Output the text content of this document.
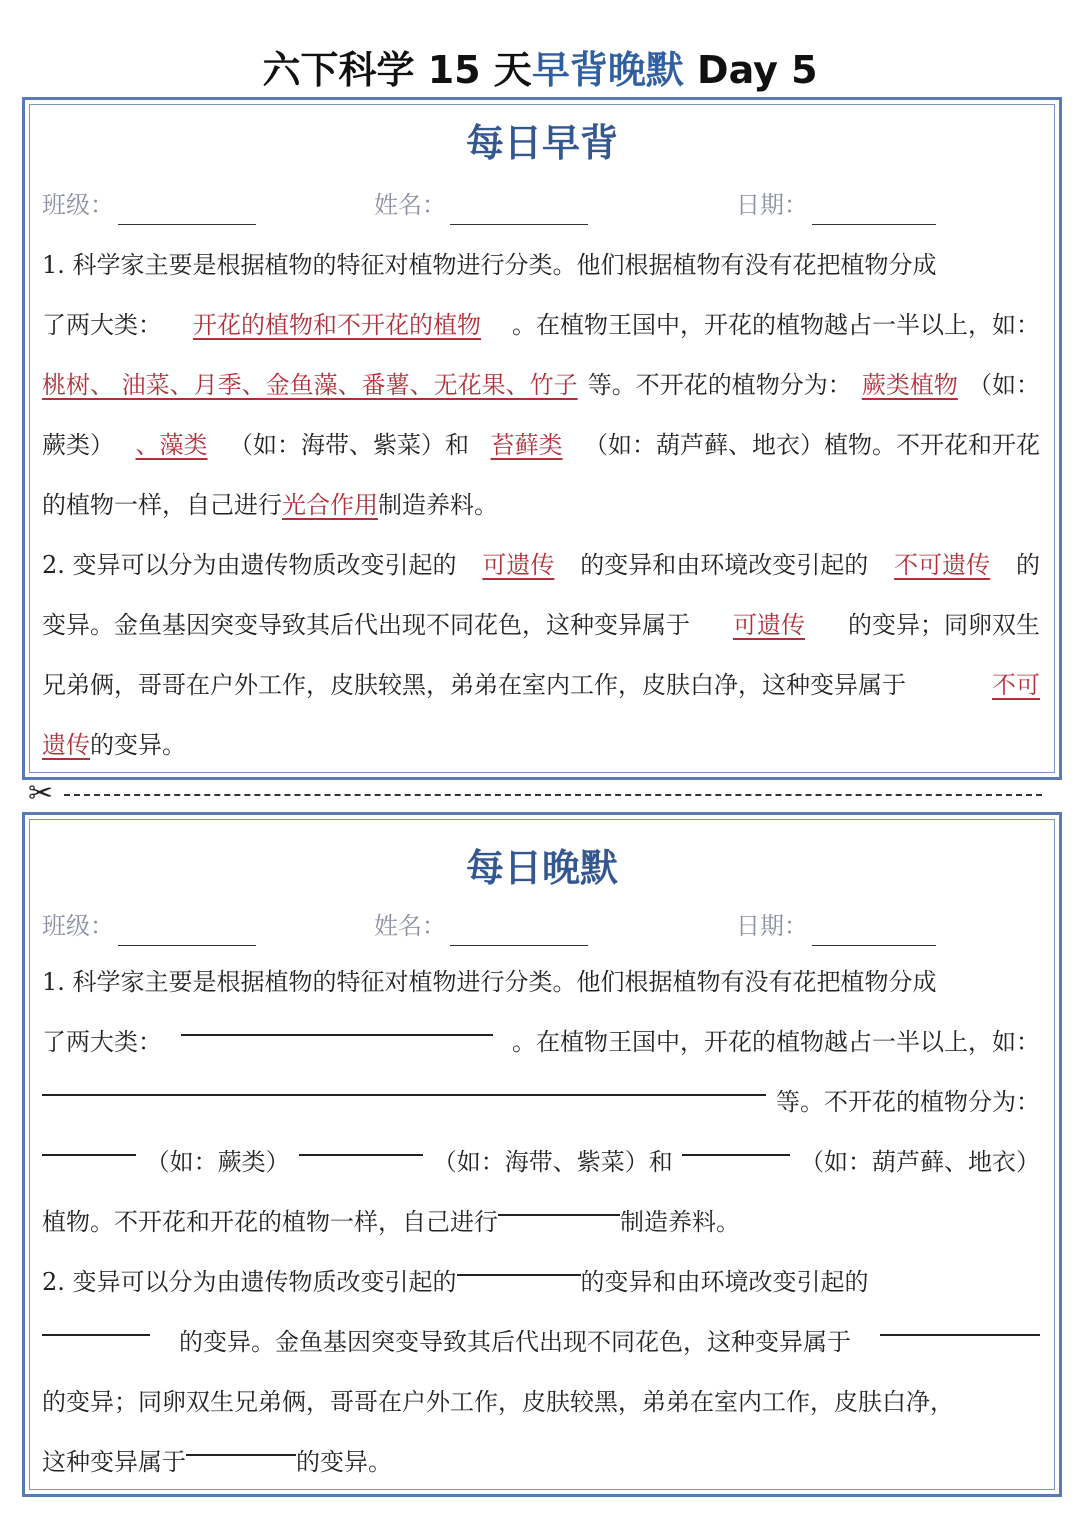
六下科学 15 天早背晚默 Day 5
每日早背
班级：	姓名：	日期：
1. 科学家主要是根据植物的特征对植物进行分类。他们根据植物有没有花把植物分成
了两大类： 开花的植物和不开花的植物 。在植物王国中，开花的植物越占一半以上，如：
桃树、 油菜、月季、金鱼藻、番薯、无花果、竹子 等。不开花的植物分为： 蕨类植物 （如：
蕨类） 、藻类 （如：海带、紫菜）和 苔藓类 （如：葫芦藓、地衣）植物。不开花和开花
的植物一样，自己进行 光合作用 制造养料。
2. 变异可以分为由遗传物质改变引起的 可遗传 的变异和由环境改变引起的 不可遗传 的
变异。金鱼基因突变导致其后代出现不同花色，这种变异属于 可遗传 的变异；同卵双生
兄弟俩，哥哥在户外工作，皮肤较黑，弟弟在室内工作，皮肤白净，这种变异属于	不可
遗传 的变异。
✂
每日晚默
班级：	姓名：	日期：
1. 科学家主要是根据植物的特征对植物进行分类。他们根据植物有没有花把植物分成
了两大类：	。在植物王国中，开花的植物越占一半以上，如：
等。不开花的植物分为：
（如：蕨类）	（如：海带、紫菜）和	（如：葫芦藓、地衣）
植物。不开花和开花的植物一样，自己进行	制造养料。
2. 变异可以分为由遗传物质改变引起的	的变异和由环境改变引起的
的变异。金鱼基因突变导致其后代出现不同花色，这种变异属于
的变异；同卵双生兄弟俩，哥哥在户外工作，皮肤较黑，弟弟在室内工作，皮肤白净，
这种变异属于	的变异。
